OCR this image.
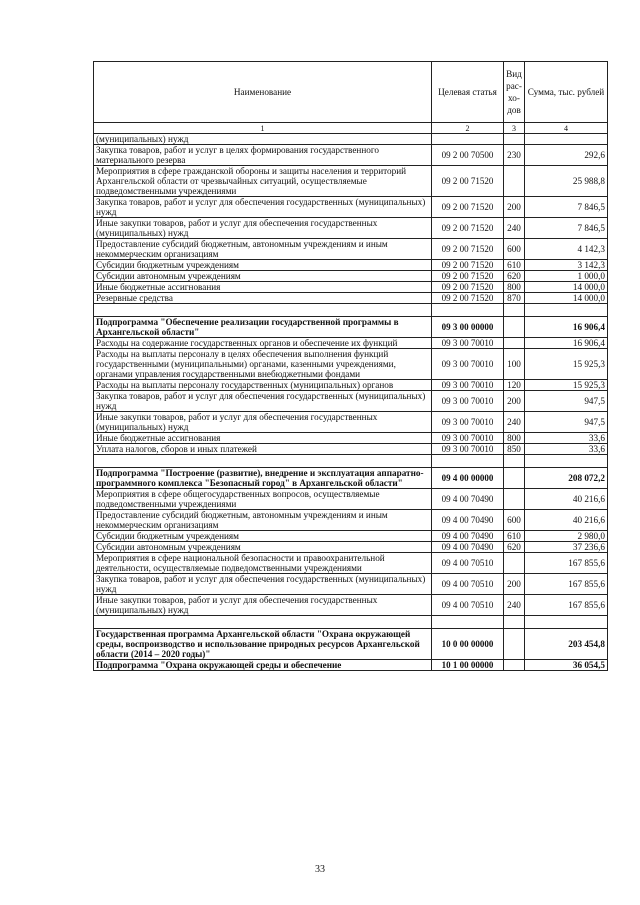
Наименование	Целевая статья	Вид рас- хо- дов	Сумма, тыс. рублей
1	2	3	4
(муниципальных) нужд			
Закупка товаров, работ и услуг в целях формирования государственного материального резерва	09 2 00 70500	230	292,6
Мероприятия в сфере гражданской обороны и защиты населения и территорий Архангельской области от чрезвычайных ситуаций, осуществляемые подведомственными учреждениями	09 2 00 71520		25 988,8
Закупка товаров, работ и услуг для обеспечения государственных (муниципальных) нужд	09 2 00 71520	200	7 846,5
Иные закупки товаров, работ и услуг для обеспечения государственных (муниципальных) нужд	09 2 00 71520	240	7 846,5
Предоставление субсидий бюджетным, автономным учреждениям и иным некоммерческим организациям	09 2 00 71520	600	4 142,3
Субсидии бюджетным учреждениям	09 2 00 71520	610	3 142,3
Субсидии автономным учреждениям	09 2 00 71520	620	1 000,0
Иные бюджетные ассигнования	09 2 00 71520	800	14 000,0
Резервные средства	09 2 00 71520	870	14 000,0

Подпрограмма "Обеспечение реализации государственной программы в Архангельской области"	09 3 00 00000		16 906,4
Расходы на содержание государственных органов и обеспечение их функций	09 3 00 70010		16 906,4
Расходы на выплаты персоналу в целях обеспечения выполнения функций государственными (муниципальными) органами, казенными учреждениями, органами управления государственными внебюджетными фондами	09 3 00 70010	100	15 925,3
Расходы на выплаты персоналу государственных (муниципальных) органов	09 3 00 70010	120	15 925,3
Закупка товаров, работ и услуг для обеспечения государственных (муниципальных) нужд	09 3 00 70010	200	947,5
Иные закупки товаров, работ и услуг для обеспечения государственных (муниципальных) нужд	09 3 00 70010	240	947,5
Иные бюджетные ассигнования	09 3 00 70010	800	33,6
Уплата налогов, сборов и иных платежей	09 3 00 70010	850	33,6

Подпрограмма "Построение (развитие), внедрение и эксплуатация аппаратно-программного комплекса "Безопасный город" в Архангельской области"	09 4 00 00000		208 072,2
Мероприятия в сфере общегосударственных вопросов, осуществляемые подведомственными учреждениями	09 4 00 70490		40 216,6
Предоставление субсидий бюджетным, автономным учреждениям и иным некоммерческим организациям	09 4 00 70490	600	40 216,6
Субсидии бюджетным учреждениям	09 4 00 70490	610	2 980,0
Субсидии автономным учреждениям	09 4 00 70490	620	37 236,6
Мероприятия в сфере национальной безопасности и правоохранительной деятельности, осуществляемые подведомственными учреждениями	09 4 00 70510		167 855,6
Закупка товаров, работ и услуг для обеспечения государственных (муниципальных) нужд	09 4 00 70510	200	167 855,6
Иные закупки товаров, работ и услуг для обеспечения государственных (муниципальных) нужд	09 4 00 70510	240	167 855,6

Государственная программа Архангельской области "Охрана окружающей среды, воспроизводство и использование природных ресурсов Архангельской области (2014 – 2020 годы)"	10 0 00 00000		203 454,8
Подпрограмма "Охрана окружающей среды и обеспечение	10 1 00 00000		36 054,5
33
